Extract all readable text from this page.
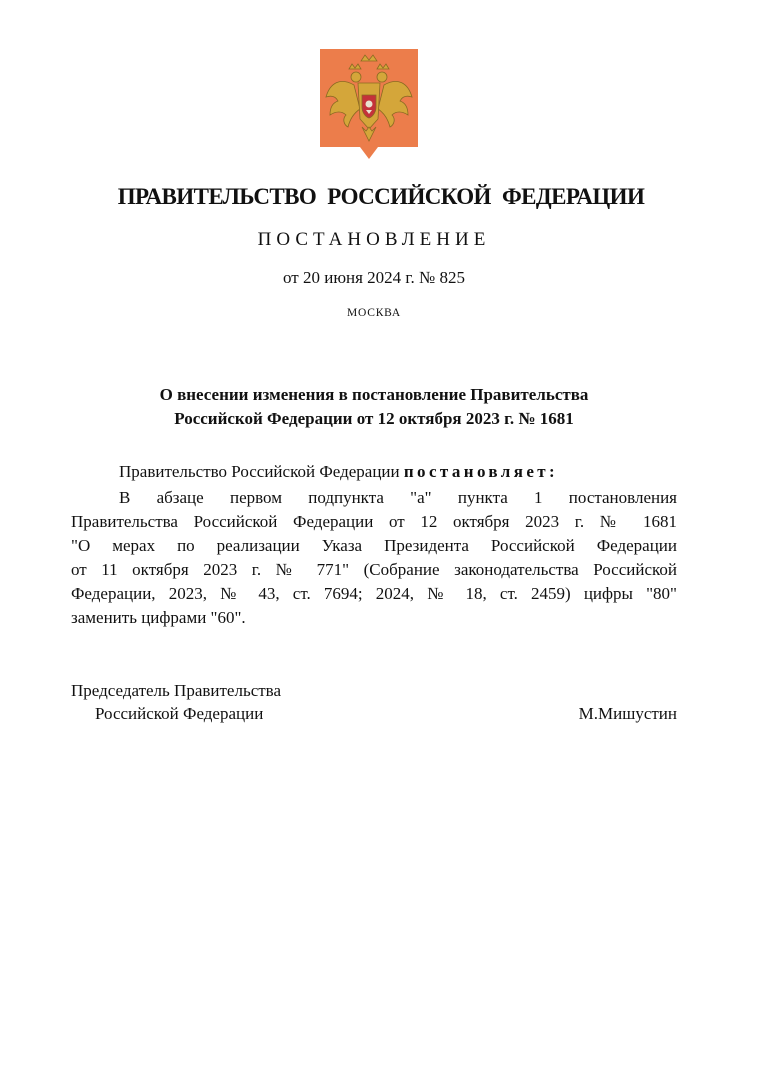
ПРАВИТЕЛЬСТВО РОССИЙСКОЙ ФЕДЕРАЦИИ
ПОСТАНОВЛЕНИЕ
от 20 июня 2024 г. № 825
МОСКВА
О внесении изменения в постановление Правительства
Российской Федерации от 12 октября 2023 г. № 1681
Правительство Российской Федерации постановляет:
В абзаце первом подпункта "а" пункта 1 постановления
Правительства Российской Федерации от 12 октября 2023 г. № 1681
"О мерах по реализации Указа Президента Российской Федерации
от 11 октября 2023 г. № 771" (Собрание законодательства Российской
Федерации, 2023, № 43, ст. 7694; 2024, № 18, ст. 2459) цифры "80"
заменить цифрами "60".
Председатель Правительства
Российской Федерации	М.Мишустин
